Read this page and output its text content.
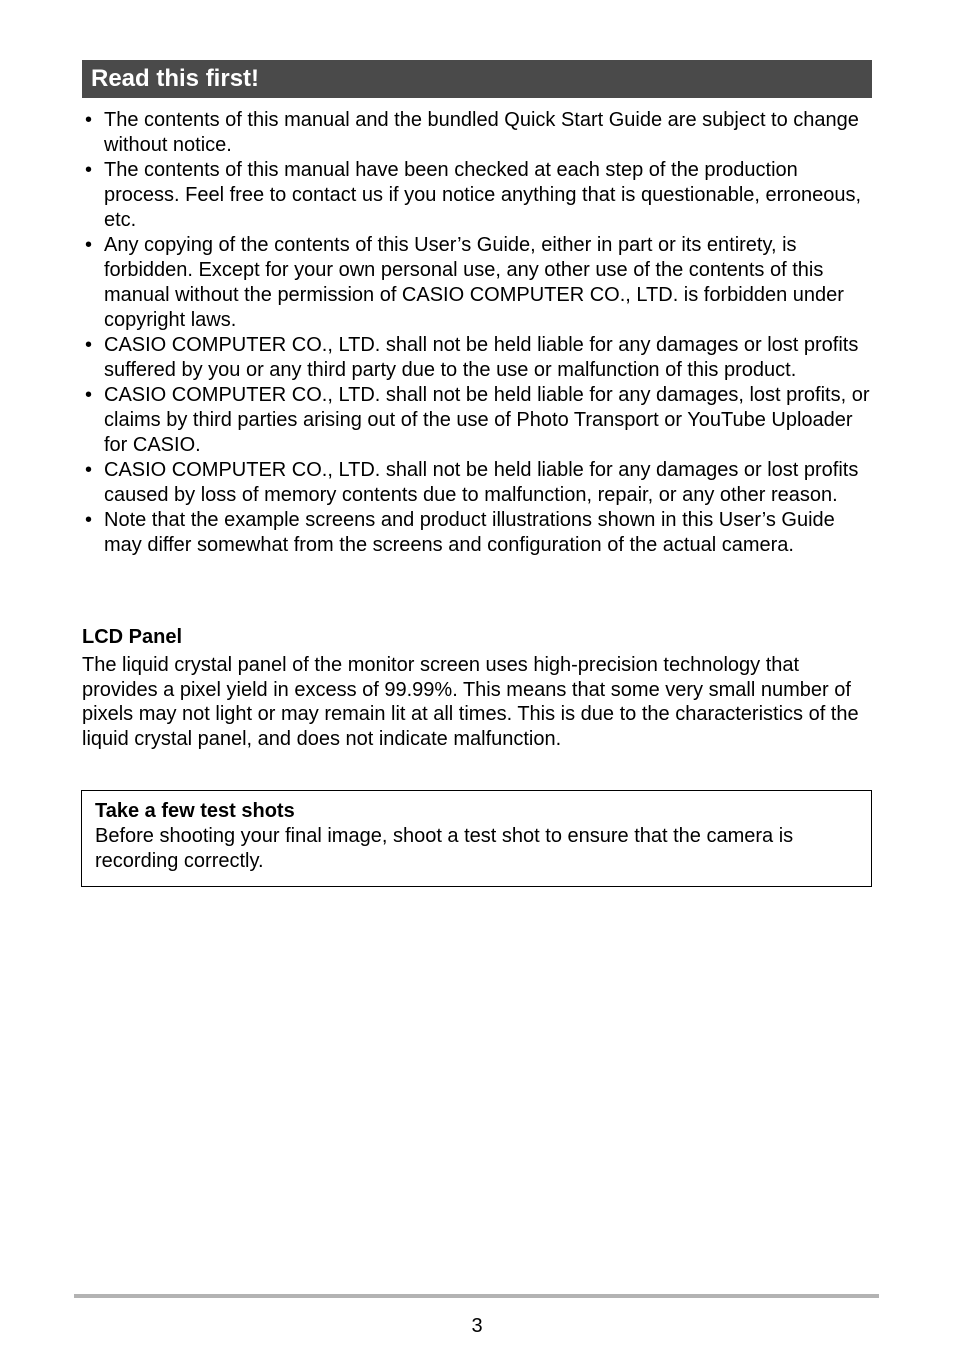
Read this first!
• The contents of this manual and the bundled Quick Start Guide are subject to change without notice.
• The contents of this manual have been checked at each step of the production process. Feel free to contact us if you notice anything that is questionable, erroneous, etc.
• Any copying of the contents of this User’s Guide, either in part or its entirety, is forbidden. Except for your own personal use, any other use of the contents of this manual without the permission of CASIO COMPUTER CO., LTD. is forbidden under copyright laws.
• CASIO COMPUTER CO., LTD. shall not be held liable for any damages or lost profits suffered by you or any third party due to the use or malfunction of this product.
• CASIO COMPUTER CO., LTD. shall not be held liable for any damages, lost profits, or claims by third parties arising out of the use of Photo Transport or YouTube Uploader for CASIO.
• CASIO COMPUTER CO., LTD. shall not be held liable for any damages or lost profits caused by loss of memory contents due to malfunction, repair, or any other reason.
• Note that the example screens and product illustrations shown in this User’s Guide may differ somewhat from the screens and configuration of the actual camera.
LCD Panel

The liquid crystal panel of the monitor screen uses high-precision technology that provides a pixel yield in excess of 99.99%. This means that some very small number of pixels may not light or may remain lit at all times. This is due to the characteristics of the liquid crystal panel, and does not indicate malfunction.

Take a few test shots

Before shooting your final image, shoot a test shot to ensure that the camera is recording correctly.

3
